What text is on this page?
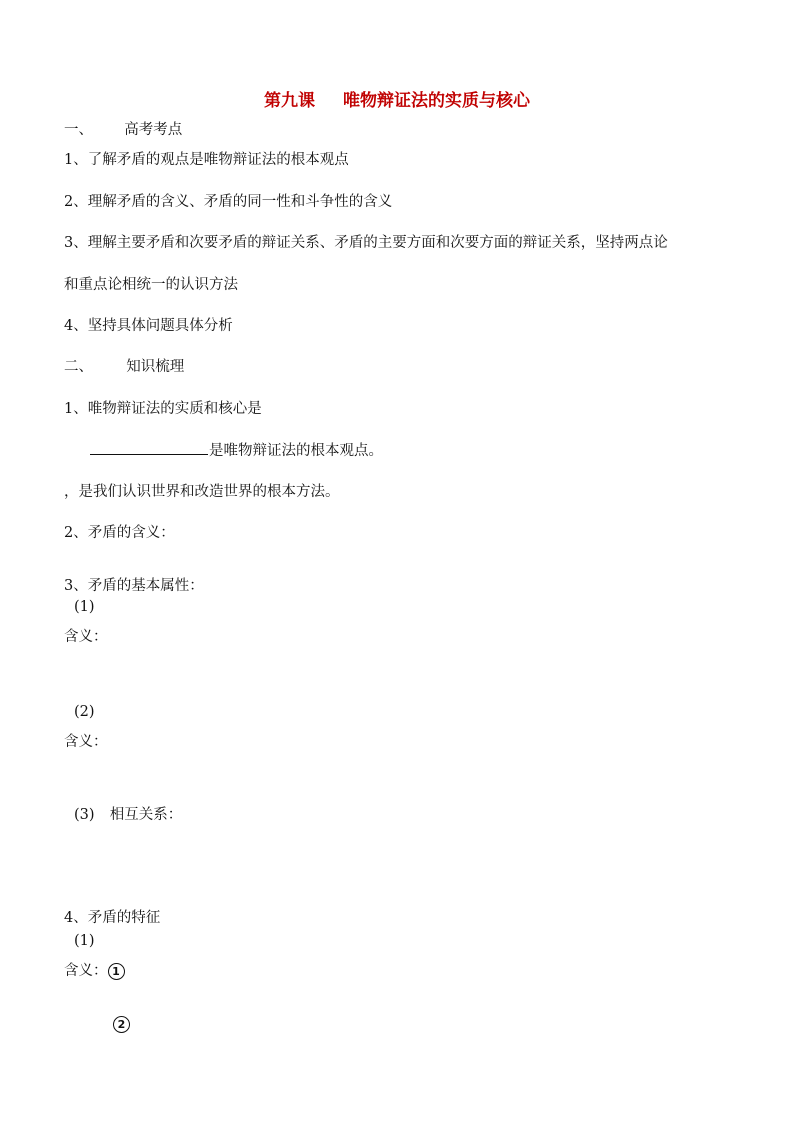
第九课 唯物辩证法的实质与核心
一、 高考考点
1、了解矛盾的观点是唯物辩证法的根本观点
2、理解矛盾的含义、矛盾的同一性和斗争性的含义
3、理解主要矛盾和次要矛盾的辩证关系、矛盾的主要方面和次要方面的辩证关系，坚持两点论
和重点论相统一的认识方法
4、坚持具体问题具体分析
二、 知识梳理
1、唯物辩证法的实质和核心是
是唯物辩证法的根本观点。
，是我们认识世界和改造世界的根本方法。
2、矛盾的含义：
3、矛盾的基本属性：
(1)
含义：
(2)
含义：
(3) 相互关系：
4、矛盾的特征
(1)
含义： 1
2
